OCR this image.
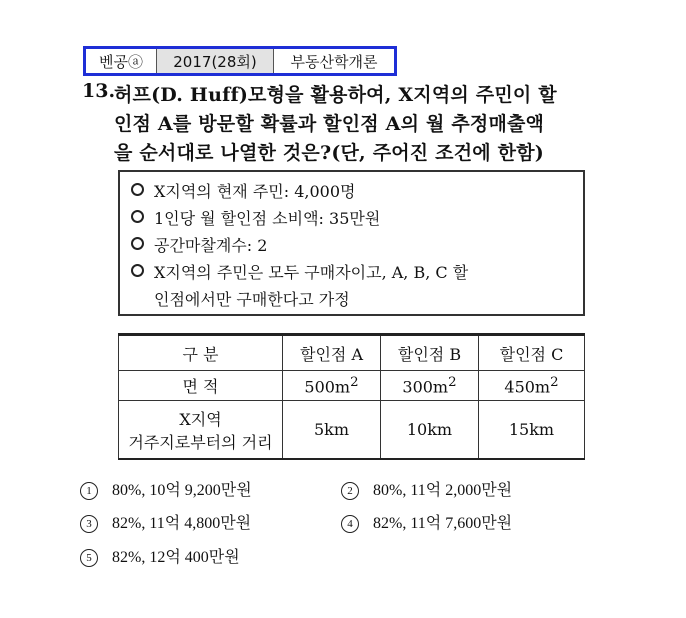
벤공ⓐ	2017(28회)	부동산학개론
13.
허프(D. Huff)모형을 활용하여, X지역의 주민이 할
인점 A를 방문할 확률과 할인점 A의 월 추정매출액
을 순서대로 나열한 것은?(단, 주어진 조건에 한함)
X지역의 현재 주민: 4,000명
1인당 월 할인점 소비액: 35만원
공간마찰계수: 2
X지역의 주민은 모두 구매자이고, A, B, C 할
인점에서만 구매한다고 가정
구 분	할인점 A	할인점 B	할인점 C
면 적	$500m^2$	$300m^2$	$450m^2$

X지역
거주지로부터의 거리	5km	10km	15km
1 80%, 10억 9,200만원	2 80%, 11억 2,000만원
3 82%, 11억 4,800만원	4 82%, 11억 7,600만원
5 82%, 12억 400만원
